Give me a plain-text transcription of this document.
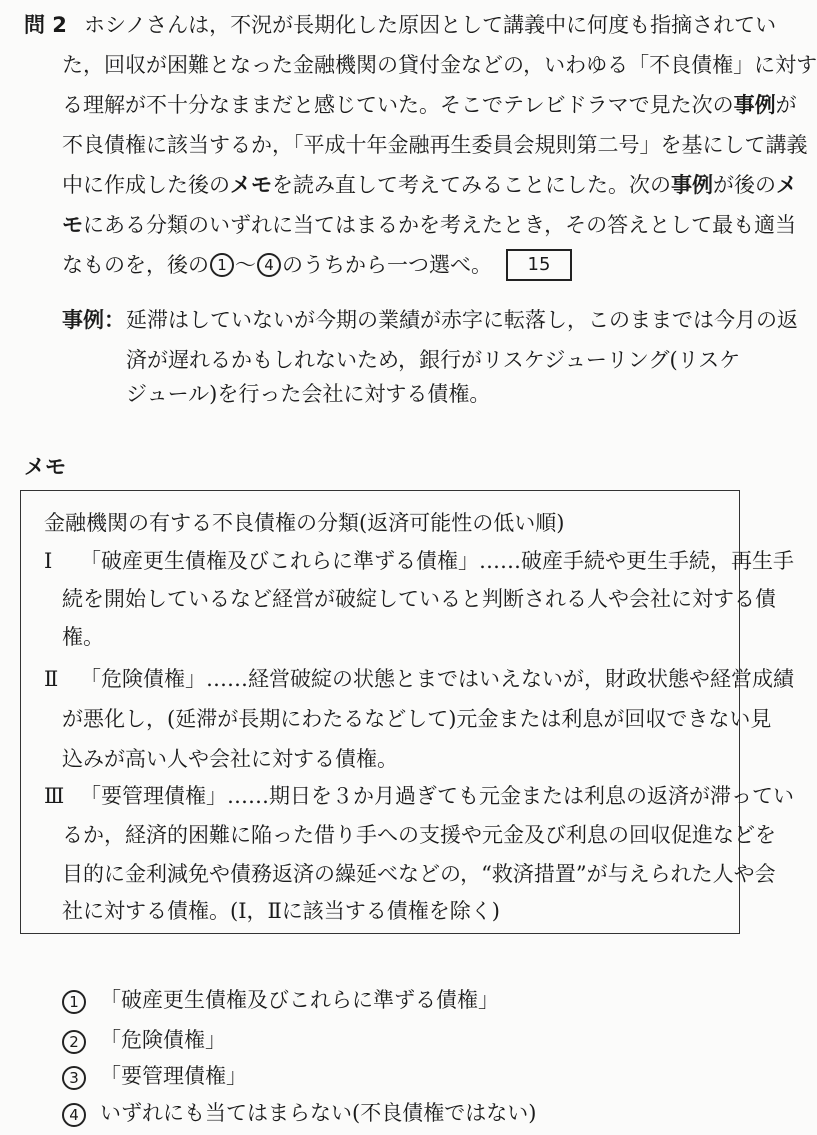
問 2 ホシノさんは，不況が長期化した原因として講義中に何度も指摘されてい
た，回収が困難となった金融機関の貸付金などの，いわゆる「不良債権」に対す
る理解が不十分なままだと感じていた。そこでテレビドラマで見た次の事例が
不良債権に該当するか，「平成十年金融再生委員会規則第二号」を基にして講義
中に作成した後のメモを読み直して考えてみることにした。次の事例が後のメ
モにある分類のいずれに当てはまるかを考えたとき，その答えとして最も適当
なものを，後の 1 ～ 4 のうちから一つ選べ。 15
事例： 延滞はしていないが今期の業績が赤字に転落し，このままでは今月の返
済が遅れるかもしれないため，銀行がリスケジューリング(リスケ
ジュール)を行った会社に対する債権。
メモ
金融機関の有する不良債権の分類(返済可能性の低い順)
Ⅰ 「破産更生債権及びこれらに準ずる債権」……破産手続や更生手続，再生手
続を開始しているなど経営が破綻していると判断される人や会社に対する債
権。
Ⅱ 「危険債権」……経営破綻の状態とまではいえないが，財政状態や経営成績
が悪化し，(延滞が長期にわたるなどして)元金または利息が回収できない見
込みが高い人や会社に対する債権。
Ⅲ 「要管理債権」……期日を３か月過ぎても元金または利息の返済が滞ってい
るか，経済的困難に陥った借り手への支援や元金及び利息の回収促進などを
目的に金利減免や債務返済の繰延べなどの，“救済措置”が与えられた人や会
社に対する債権。(Ⅰ，Ⅱに該当する債権を除く)
1	「破産更生債権及びこれらに準ずる債権」
2	「危険債権」
3	「要管理債権」
4	いずれにも当てはまらない(不良債権ではない)
